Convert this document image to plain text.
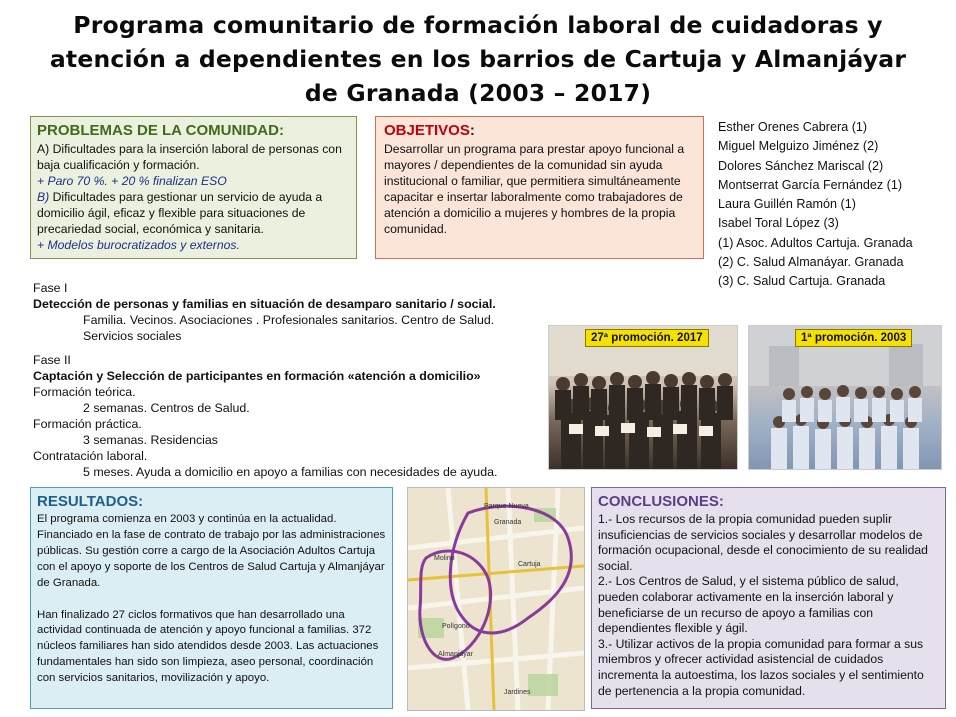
Programa comunitario de formación laboral de cuidadoras y
atención a dependientes en los barrios de Cartuja y Almanjáyar
de Granada (2003 – 2017)
PROBLEMAS DE LA COMUNIDAD:

A) Dificultades para la inserción laboral de personas con baja cualificación y formación.

+ Paro 70 %. + 20 % finalizan ESO

B) Dificultades para gestionar un servicio de ayuda a domicilio ágil, eficaz y flexible para situaciones de precariedad social, económica y sanitaria.

+ Modelos burocratizados y externos.

OBJETIVOS:

Desarrollar un programa para prestar apoyo funcional a mayores / dependientes de la comunidad sin ayuda institucional o familiar, que permitiera simultáneamente capacitar e insertar laboralmente como trabajadores de atención a domicilio a mujeres y hombres de la propia comunidad.

Esther Orenes Cabrera (1)
Miguel Melguizo Jiménez (2)
Dolores Sánchez Mariscal (2)
Montserrat García Fernández (1)
Laura Guillén Ramón (1)
Isabel Toral López (3)
(1) Asoc. Adultos Cartuja. Granada
(2) C. Salud Almanáyar. Granada
(3) C. Salud Cartuja. Granada
Fase I
Detección de personas y familias en situación de desamparo sanitario / social.
Familia. Vecinos. Asociaciones . Profesionales sanitarios. Centro de Salud.
Servicios sociales
Fase II
Captación y Selección de participantes en formación «atención a domicilio»
Formación teórica.
2 semanas. Centros de Salud.
Formación práctica.
3 semanas. Residencias
Contratación laboral.
5 meses. Ayuda a domicilio en apoyo a familias con necesidades de ayuda.
27ª promoción. 2017	1ª promoción. 2003
RESULTADOS:

El programa comienza en 2003 y continúa en la actualidad. Financiado en la fase de contrato de trabajo por las administraciones públicas. Su gestión corre a cargo de la Asociación Adultos Cartuja con el apoyo y soporte de los Centros de Salud Cartuja y Almanjáyar de Granada.

Han finalizado 27 ciclos formativos que han desarrollado una actividad continuada de atención y apoyo funcional a familias. 372 núcleos familiares han sido atendidos desde 2003. Las actuaciones fundamentales han sido son limpieza, aseo personal, coordinación con servicios sanitarios, movilización y apoyo.

Parque Nueva
Granada
Cartuja
Polígono
Almanjáyar
Molino
Jardines
CONCLUSIONES:

1.- Los recursos de la propia comunidad pueden suplir insuficiencias de servicios sociales y desarrollar modelos de formación ocupacional, desde el conocimiento de su realidad social.

2.- Los Centros de Salud, y el sistema público de salud, pueden colaborar activamente en la inserción laboral y beneficiarse de un recurso de apoyo a familias con dependientes flexible y ágil.

3.- Utilizar activos de la propia comunidad para formar a sus miembros y ofrecer actividad asistencial de cuidados incrementa la autoestima, los lazos sociales y el sentimiento de pertenencia a la propia comunidad.
